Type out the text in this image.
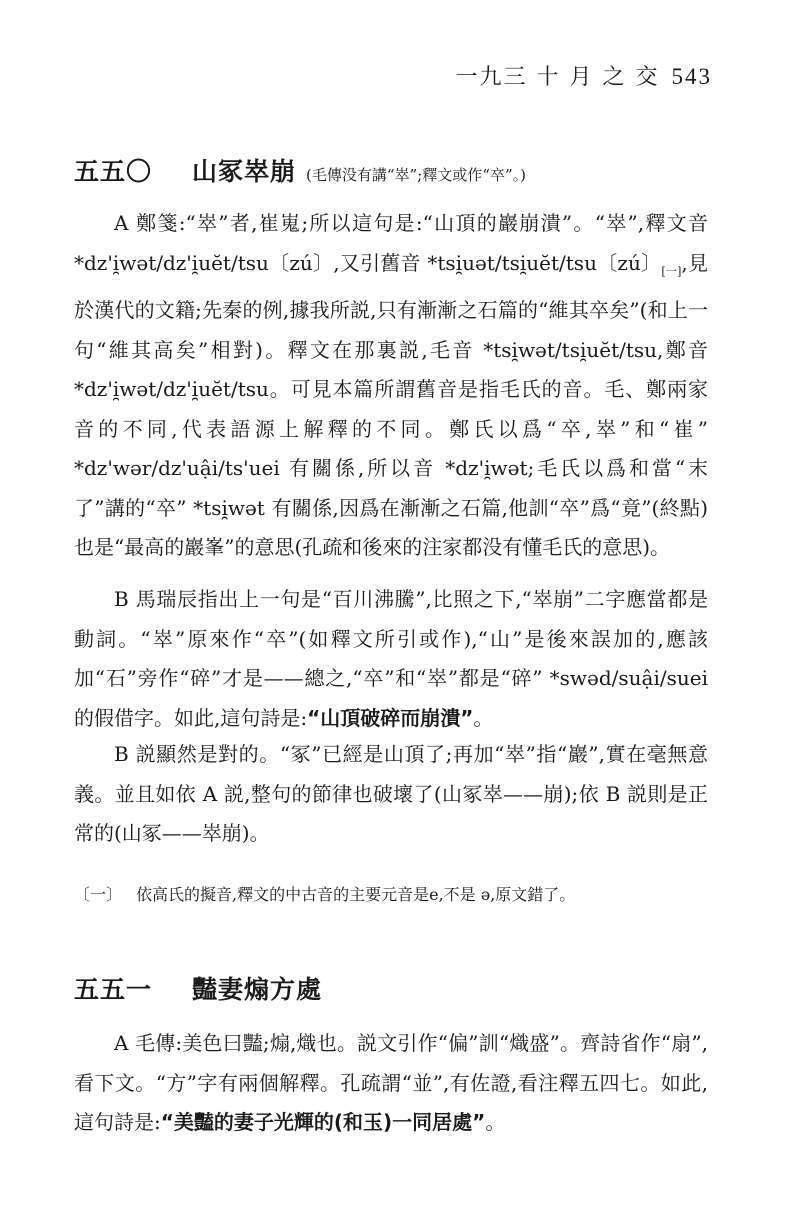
一九三 十 月 之 交 543
五五〇 山冢崒崩 (毛傳没有講“崒”;釋文或作“卒”。)

A 鄭箋:“崒”者,崔嵬;所以這句是:“山頂的巖崩潰”。“崒”,釋文音 *dz'i̯wət/dz'i̯uĕt/tsu〔zú〕,又引舊音 *tsi̯uət/tsi̯uĕt/tsu〔zú〕$_{[一]}$,見於漢代的文籍;先秦的例,據我所説,只有漸漸之石篇的“維其卒矣”(和上一句“維其高矣”相對)。釋文在那裏説,毛音 *tsi̯wət/tsi̯uĕt/tsu,鄭音 *dz'i̯wət/dz'i̯uĕt/tsu。可見本篇所謂舊音是指毛氏的音。毛、鄭兩家音的不同,代表語源上解釋的不同。鄭氏以爲“卒,崒”和“崔” *dz'wər/dz'uậi/ts'uei 有關係,所以音 *dz'i̯wət;毛氏以爲和當“末了”講的“卒” *tsi̯wət 有關係,因爲在漸漸之石篇,他訓“卒”爲“竟”(終點)也是“最高的巖峯”的意思(孔疏和後來的注家都没有懂毛氏的意思)。

B 馬瑞辰指出上一句是“百川沸騰”,比照之下,“崒崩”二字應當都是動詞。“崒”原來作“卒”(如釋文所引或作),“山”是後來誤加的,應該加“石”旁作“碎”才是——總之,“卒”和“崒”都是“碎” *swəd/suậi/suei 的假借字。如此,這句詩是:“山頂破碎而崩潰”。

B 説顯然是對的。“冢”已經是山頂了;再加“崒”指“巖”,實在毫無意義。並且如依 A 説,整句的節律也破壞了(山冢崒——崩);依 B 説則是正常的(山冢——崒崩)。

〔一〕 依高氏的擬音,釋文的中古音的主要元音是e,不是 ə,原文錯了。
五五一 豔妻煽方處

A 毛傳:美色曰豔;煽,熾也。説文引作“偏”訓“熾盛”。齊詩省作“扇”,看下文。“方”字有兩個解釋。孔疏謂“並”,有佐證,看注釋五四七。如此,這句詩是:“美豔的妻子光輝的(和玉)一同居處”。
